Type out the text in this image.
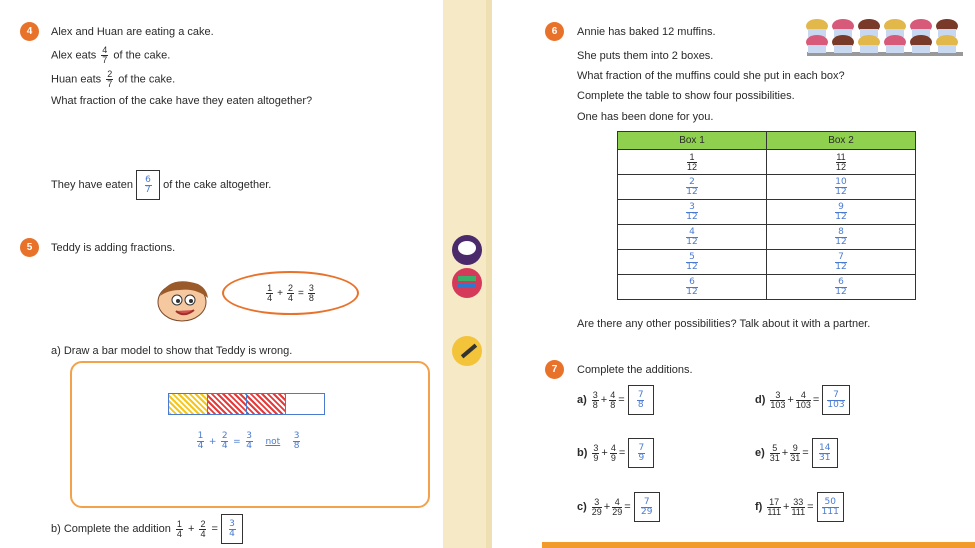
4	Alex and Huan are eating a cake.
Alex eats $\frac{4}{7}$ of the cake.
Huan eats $\frac{2}{7}$ of the cake.
What fraction of the cake have they eaten altogether?
They have eaten $\frac{6}{7}$ of the cake altogether.
5	Teddy is adding fractions.
$\frac{1}{4} + \frac{2}{4} = \frac{3}{8}$
a) Draw a bar model to show that Teddy is wrong.
$\frac{1}{4} + \frac{2}{4} = \frac{3}{4}$ not $\frac{3}{8}$
b) Complete the addition $\frac{1}{4} + \frac{2}{4} = \frac{3}{4}$
6	Annie has baked 12 muffins.
She puts them into 2 boxes.
What fraction of the muffins could she put in each box?
Complete the table to show four possibilities.
One has been done for you.
Box 1	Box 2

$\frac{1}{12}$	$\frac{11}{12}$

$\frac{2}{12}$	$\frac{10}{12}$

$\frac{3}{12}$	$\frac{9}{12}$

$\frac{4}{12}$	$\frac{8}{12}$

$\frac{5}{12}$	$\frac{7}{12}$

$\frac{6}{12}$	$\frac{6}{12}$
Are there any other possibilities? Talk about it with a partner.
7	Complete the additions.
$a) \frac{3}{8} + \frac{4}{8} = \frac{7}{8}$
$b) \frac{3}{9} + \frac{4}{9} = \frac{7}{9}$
$c) \frac{3}{29} + \frac{4}{29} = \frac{7}{29}$
$d) \frac{3}{103} + \frac{4}{103} = \frac{7}{103}$
$e) \frac{5}{31} + \frac{9}{31} = \frac{14}{31}$
$f) \frac{17}{111} + \frac{33}{111} = \frac{50}{111}$
